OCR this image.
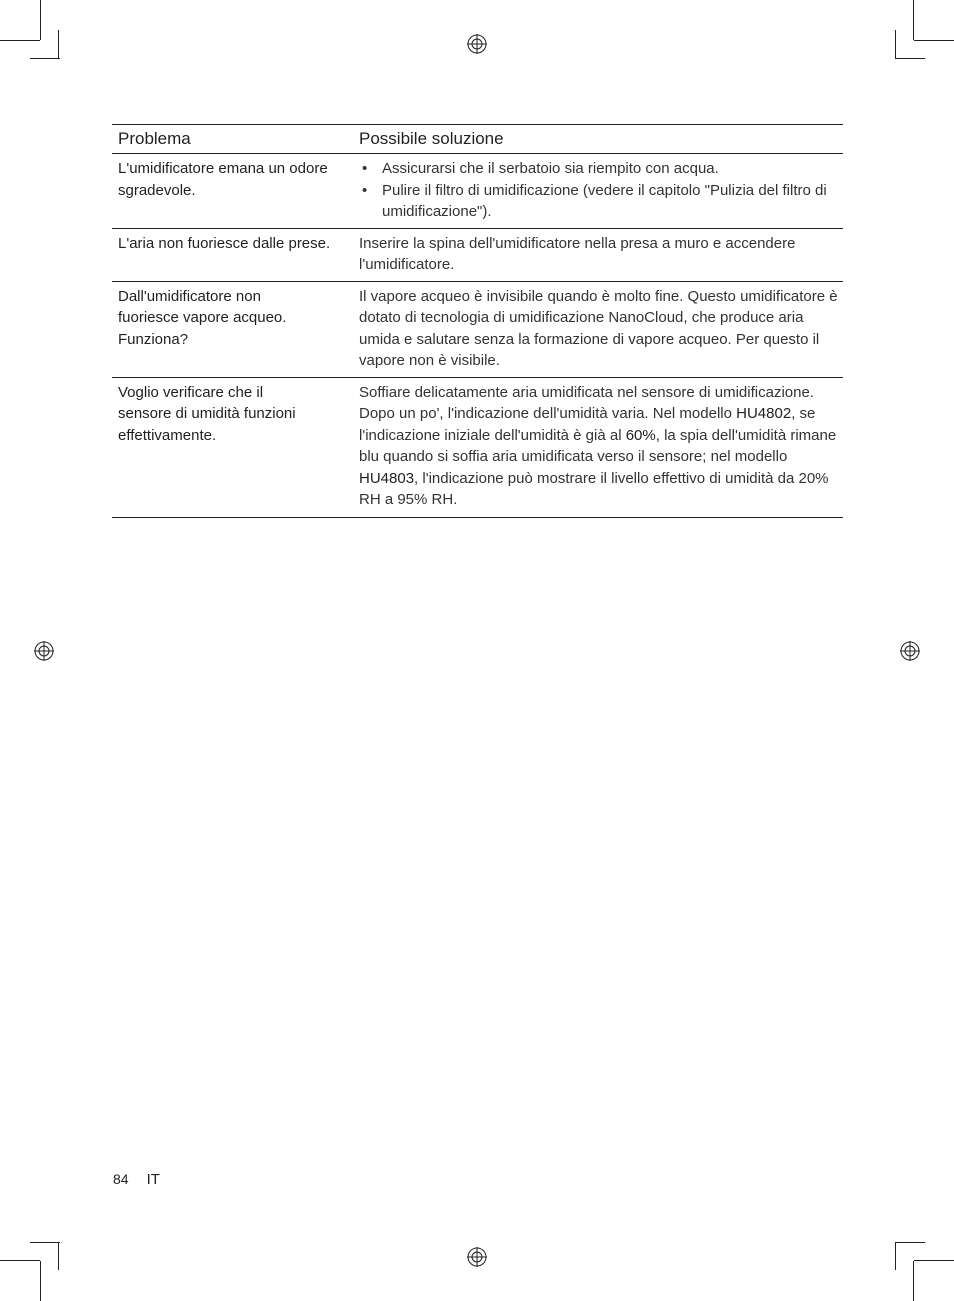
Problema	Possibile soluzione
L'umidificatore emana un odore
sgradevole.
• Assicurarsi che il serbatoio sia riempito con acqua.
• Pulire il filtro di umidificazione (vedere il capitolo "Pulizia del filtro di umidificazione").
L'aria non fuoriesce dalle prese.	Inserire la spina dell'umidificatore nella presa a muro e accendere l'umidificatore.
Dall'umidificatore non fuoriesce vapore acqueo. Funziona?
Il vapore acqueo è invisibile quando è molto fine. Questo umidificatore è dotato di tecnologia di umidificazione NanoCloud, che produce aria umida e salutare senza la formazione di vapore acqueo. Per questo il vapore non è visibile.
Voglio verificare che il sensore di umidità funzioni effettivamente.
Soffiare delicatamente aria umidificata nel sensore di umidificazione. Dopo un po', l'indicazione dell'umidità varia. Nel modello HU4802, se l'indicazione iniziale dell'umidità è già al 60%, la spia dell'umidità rimane blu quando si soffia aria umidificata verso il sensore; nel modello HU4803, l'indicazione può mostrare il livello effettivo di umidità da 20% RH a 95% RH.
84 IT
